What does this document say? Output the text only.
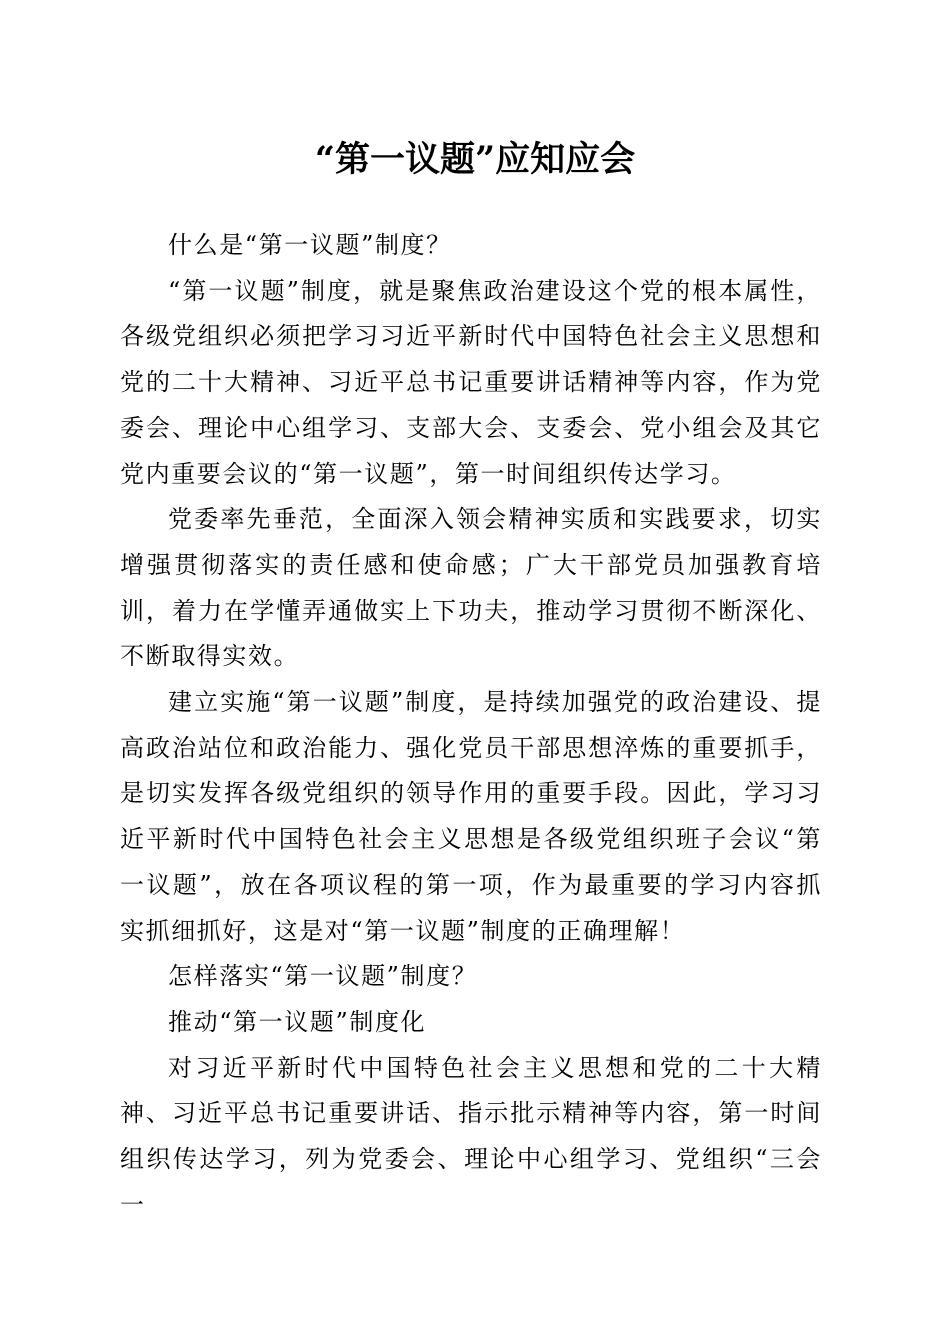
“第一议题”应知应会

什么是“第一议题”制度？

“第一议题”制度，就是聚焦政治建设这个党的根本属性，各级党组织必须把学习习近平新时代中国特色社会主义思想和党的二十大精神、习近平总书记重要讲话精神等内容，作为党委会、理论中心组学习、支部大会、支委会、党小组会及其它党内重要会议的“第一议题”，第一时间组织传达学习。

党委率先垂范，全面深入领会精神实质和实践要求，切实增强贯彻落实的责任感和使命感；广大干部党员加强教育培训，着力在学懂弄通做实上下功夫，推动学习贯彻不断深化、不断取得实效。

建立实施“第一议题”制度，是持续加强党的政治建设、提高政治站位和政治能力、强化党员干部思想淬炼的重要抓手，是切实发挥各级党组织的领导作用的重要手段。因此，学习习近平新时代中国特色社会主义思想是各级党组织班子会议“第一议题”，放在各项议程的第一项，作为最重要的学习内容抓实抓细抓好，这是对“第一议题”制度的正确理解！

怎样落实“第一议题”制度？

推动“第一议题”制度化

对习近平新时代中国特色社会主义思想和党的二十大精神、习近平总书记重要讲话、指示批示精神等内容，第一时间组织传达学习，列为党委会、理论中心组学习、党组织“三会一
